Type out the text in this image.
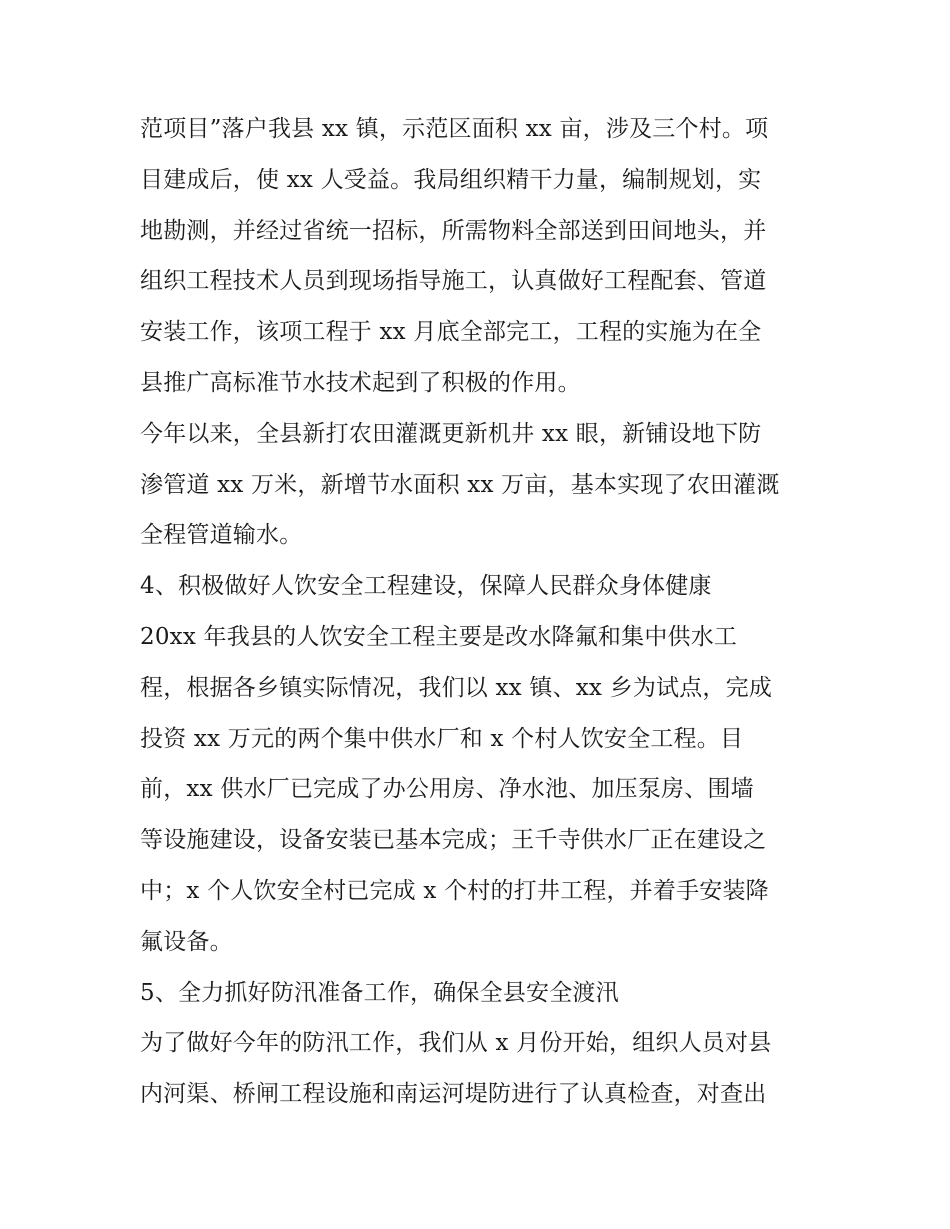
范项目”落户我县 xx 镇，示范区面积 xx 亩，涉及三个村。项
目建成后，使 xx 人受益。我局组织精干力量，编制规划，实
地勘测，并经过省统一招标，所需物料全部送到田间地头，并
组织工程技术人员到现场指导施工，认真做好工程配套、管道
安装工作，该项工程于 xx 月底全部完工，工程的实施为在全
县推广高标准节水技术起到了积极的作用。
今年以来，全县新打农田灌溉更新机井 xx 眼，新铺设地下防
渗管道 xx 万米，新增节水面积 xx 万亩，基本实现了农田灌溉
全程管道输水。
4、积极做好人饮安全工程建设，保障人民群众身体健康
20xx 年我县的人饮安全工程主要是改水降氟和集中供水工
程，根据各乡镇实际情况，我们以 xx 镇、xx 乡为试点，完成
投资 xx 万元的两个集中供水厂和 x 个村人饮安全工程。目
前，xx 供水厂已完成了办公用房、净水池、加压泵房、围墙
等设施建设，设备安装已基本完成；王千寺供水厂正在建设之
中；x 个人饮安全村已完成 x 个村的打井工程，并着手安装降
氟设备。
5、全力抓好防汛准备工作，确保全县安全渡汛
为了做好今年的防汛工作，我们从 x 月份开始，组织人员对县
内河渠、桥闸工程设施和南运河堤防进行了认真检查，对查出
